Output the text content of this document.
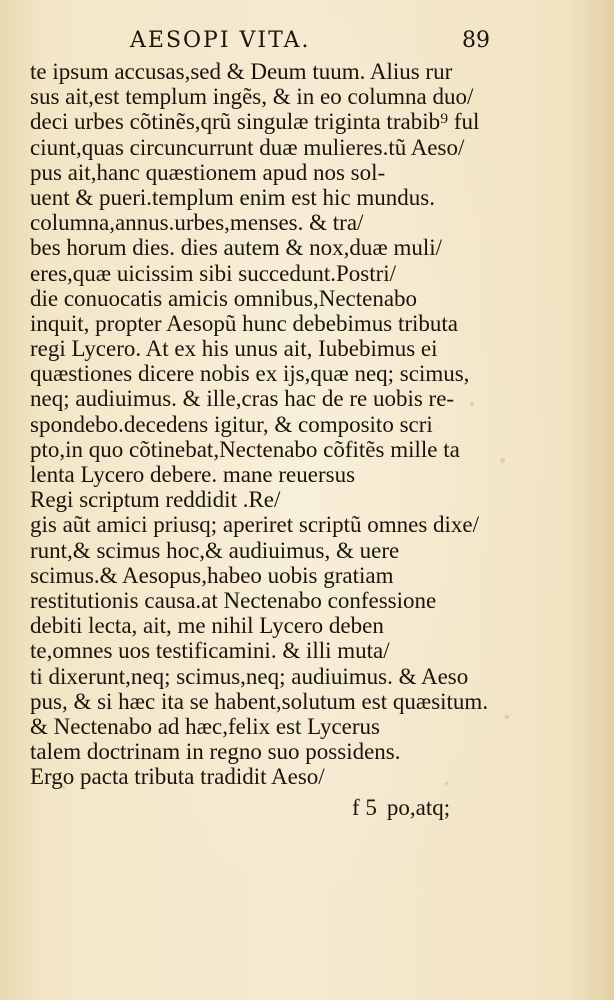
AESOPI VITA.	89
te ipsum accusas,sed & Deum tuum. Alius rur
sus ait,est templum ingẽs, & in eo columna duo/
deci urbes cõtinẽs,qrũ singulæ triginta trabib⁹ ful
ciunt,quas circuncurrunt duæ mulieres.tũ Aeso/
pus ait,hanc quæstionem apud nos sol-
uent & pueri.templum enim est hic mundus.
columna,annus.urbes,menses. & tra/
bes horum dies. dies autem & nox,duæ muli/
eres,quæ uicissim sibi succedunt.Postri/
die conuocatis amicis omnibus,Nectenabo
inquit, propter Aesopũ hunc debebimus tributa
regi Lycero. At ex his unus ait, Iubebimus ei
quæstiones dicere nobis ex ĳs,quæ neq; scimus,
neq; audiuimus. & ille,cras hac de re uobis re-
spondebo.decedens igitur, & composito scri
pto,in quo cõtinebat,Nectenabo cõfitẽs mille ta
lenta Lycero debere. mane reuersus
Regi scriptum reddidit .Re/
gis aũt amici priusq; aperiret scriptũ omnes dixe/
runt,& scimus hoc,& audiuimus, & uere
scimus.& Aesopus,habeo uobis gratiam
restitutionis causa.at Nectenabo confessione
debiti lecta, ait, me nihil Lycero deben
te,omnes uos testificamini. & illi muta/
ti dixerunt,neq; scimus,neq; audiuimus. & Aeso
pus, & si hæc ita se habent,solutum est quæsitum.
& Nectenabo ad hæc,felix est Lycerus
talem doctrinam in regno suo possidens.
Ergo pacta tributa tradidit Aeso/
f 5 po,atq;
